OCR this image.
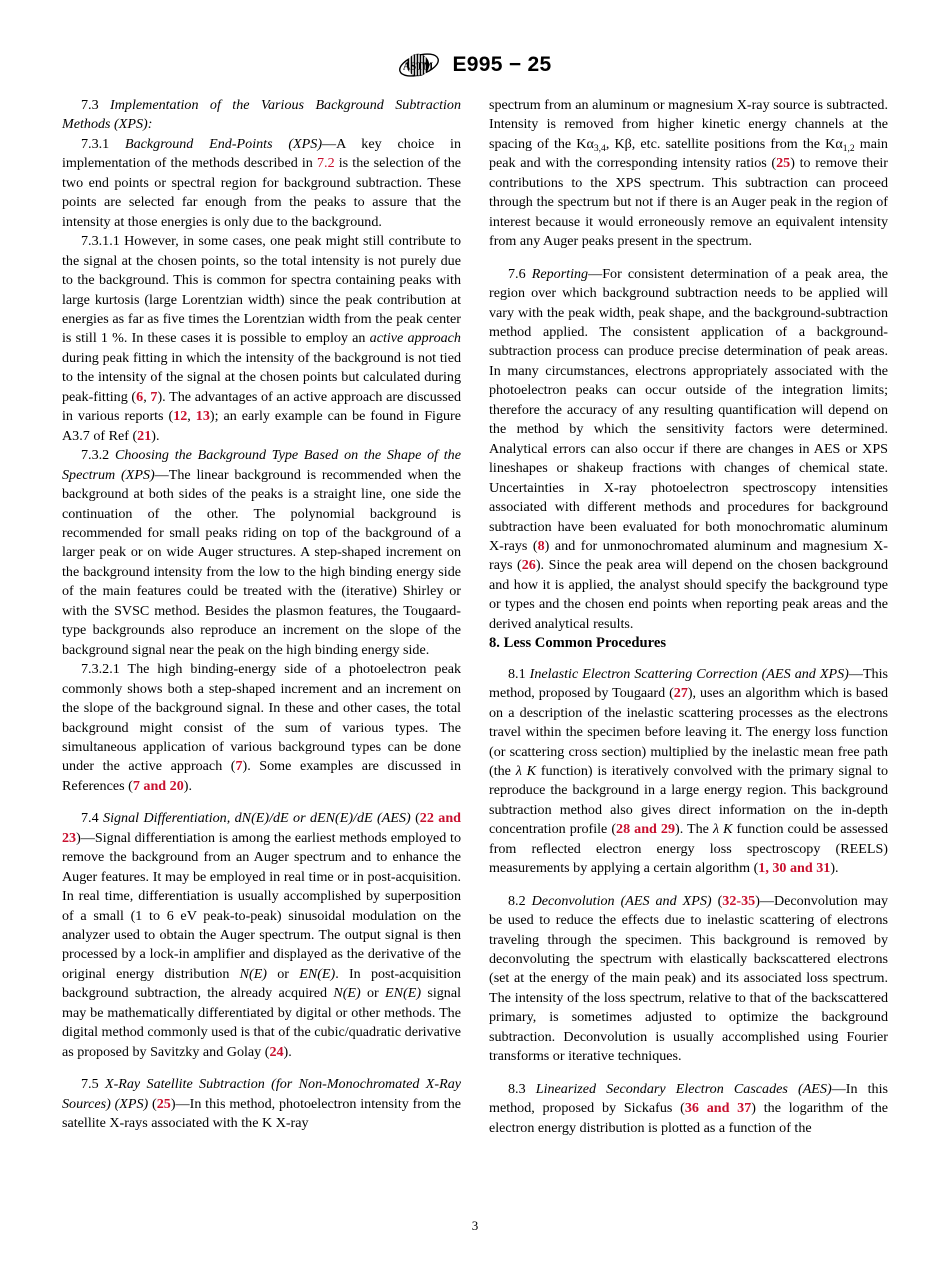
ASTM E995 − 25

7.3 Implementation of the Various Background Subtraction Methods (XPS):

7.3.1 Background End-Points (XPS)—A key choice in implementation of the methods described in 7.2 is the selection of the two end points or spectral region for background subtraction. These points are selected far enough from the peaks to assure that the intensity at those energies is only due to the background.

7.3.1.1 However, in some cases, one peak might still contribute to the signal at the chosen points, so the total intensity is not purely due to the background. This is common for spectra containing peaks with large kurtosis (large Lorentzian width) since the peak contribution at energies as far as five times the Lorentzian width from the peak center is still 1 %. In these cases it is possible to employ an active approach during peak fitting in which the intensity of the background is not tied to the intensity of the signal at the chosen points but calculated during peak-fitting (6, 7). The advantages of an active approach are discussed in various reports (12, 13); an early example can be found in Figure A3.7 of Ref (21).

7.3.2 Choosing the Background Type Based on the Shape of the Spectrum (XPS)—The linear background is recommended when the background at both sides of the peaks is a straight line, one side the continuation of the other. The polynomial background is recommended for small peaks riding on top of the background of a larger peak or on wide Auger structures. A step-shaped increment on the background intensity from the low to the high binding energy side of the main features could be treated with the (iterative) Shirley or with the SVSC method. Besides the plasmon features, the Tougaard-type backgrounds also reproduce an increment on the slope of the background signal near the peak on the high binding energy side.

7.3.2.1 The high binding-energy side of a photoelectron peak commonly shows both a step-shaped increment and an increment on the slope of the background signal. In these and other cases, the total background might consist of the sum of various types. The simultaneous application of various background types can be done under the active approach (7). Some examples are discussed in References (7 and 20).

7.4 Signal Differentiation, dN(E)/dE or dEN(E)/dE (AES) (22 and 23)—Signal differentiation is among the earliest methods employed to remove the background from an Auger spectrum and to enhance the Auger features. It may be employed in real time or in post-acquisition. In real time, differentiation is usually accomplished by superposition of a small (1 to 6 eV peak-to-peak) sinusoidal modulation on the analyzer used to obtain the Auger spectrum. The output signal is then processed by a lock-in amplifier and displayed as the derivative of the original energy distribution N(E) or EN(E). In post-acquisition background subtraction, the already acquired N(E) or EN(E) signal may be mathematically differentiated by digital or other methods. The digital method commonly used is that of the cubic/quadratic derivative as proposed by Savitzky and Golay (24).

7.5 X-Ray Satellite Subtraction (for Non-Monochromated X-Ray Sources) (XPS) (25)—In this method, photoelectron intensity from the satellite X-rays associated with the K X-ray

spectrum from an aluminum or magnesium X-ray source is subtracted. Intensity is removed from higher kinetic energy channels at the spacing of the $K\alpha_{3,4}$, Kβ, etc. satellite positions from the $K\alpha_{1,2}$ main peak and with the corresponding intensity ratios (25) to remove their contributions to the XPS spectrum. This subtraction can proceed through the spectrum but not if there is an Auger peak in the region of interest because it would erroneously remove an equivalent intensity from any Auger peaks present in the spectrum.

7.6 Reporting—For consistent determination of a peak area, the region over which background subtraction needs to be applied will vary with the peak width, peak shape, and the background-subtraction method applied. The consistent application of a background-subtraction process can produce precise determination of peak areas. In many circumstances, electrons appropriately associated with the photoelectron peaks can occur outside of the integration limits; therefore the accuracy of any resulting quantification will depend on the method by which the sensitivity factors were determined. Analytical errors can also occur if there are changes in AES or XPS lineshapes or shakeup fractions with changes of chemical state. Uncertainties in X-ray photoelectron spectroscopy intensities associated with different methods and procedures for background subtraction have been evaluated for both monochromatic aluminum X-rays (8) and for unmonochromated aluminum and magnesium X-rays (26). Since the peak area will depend on the chosen background and how it is applied, the analyst should specify the background type or types and the chosen end points when reporting peak areas and the derived analytical results.

8. Less Common Procedures

8.1 Inelastic Electron Scattering Correction (AES and XPS)—This method, proposed by Tougaard (27), uses an algorithm which is based on a description of the inelastic scattering processes as the electrons travel within the specimen before leaving it. The energy loss function (or scattering cross section) multiplied by the inelastic mean free path (the λ K function) is iteratively convolved with the primary signal to reproduce the background in a large energy region. This background subtraction method also gives direct information on the in-depth concentration profile (28 and 29). The λ K function could be assessed from reflected electron energy loss spectroscopy (REELS) measurements by applying a certain algorithm (1, 30 and 31).

8.2 Deconvolution (AES and XPS) (32-35)—Deconvolution may be used to reduce the effects due to inelastic scattering of electrons traveling through the specimen. This background is removed by deconvoluting the spectrum with elastically backscattered electrons (set at the energy of the main peak) and its associated loss spectrum. The intensity of the loss spectrum, relative to that of the backscattered primary, is sometimes adjusted to optimize the background subtraction. Deconvolution is usually accomplished using Fourier transforms or iterative techniques.

8.3 Linearized Secondary Electron Cascades (AES)—In this method, proposed by Sickafus (36 and 37) the logarithm of the electron energy distribution is plotted as a function of the

3
